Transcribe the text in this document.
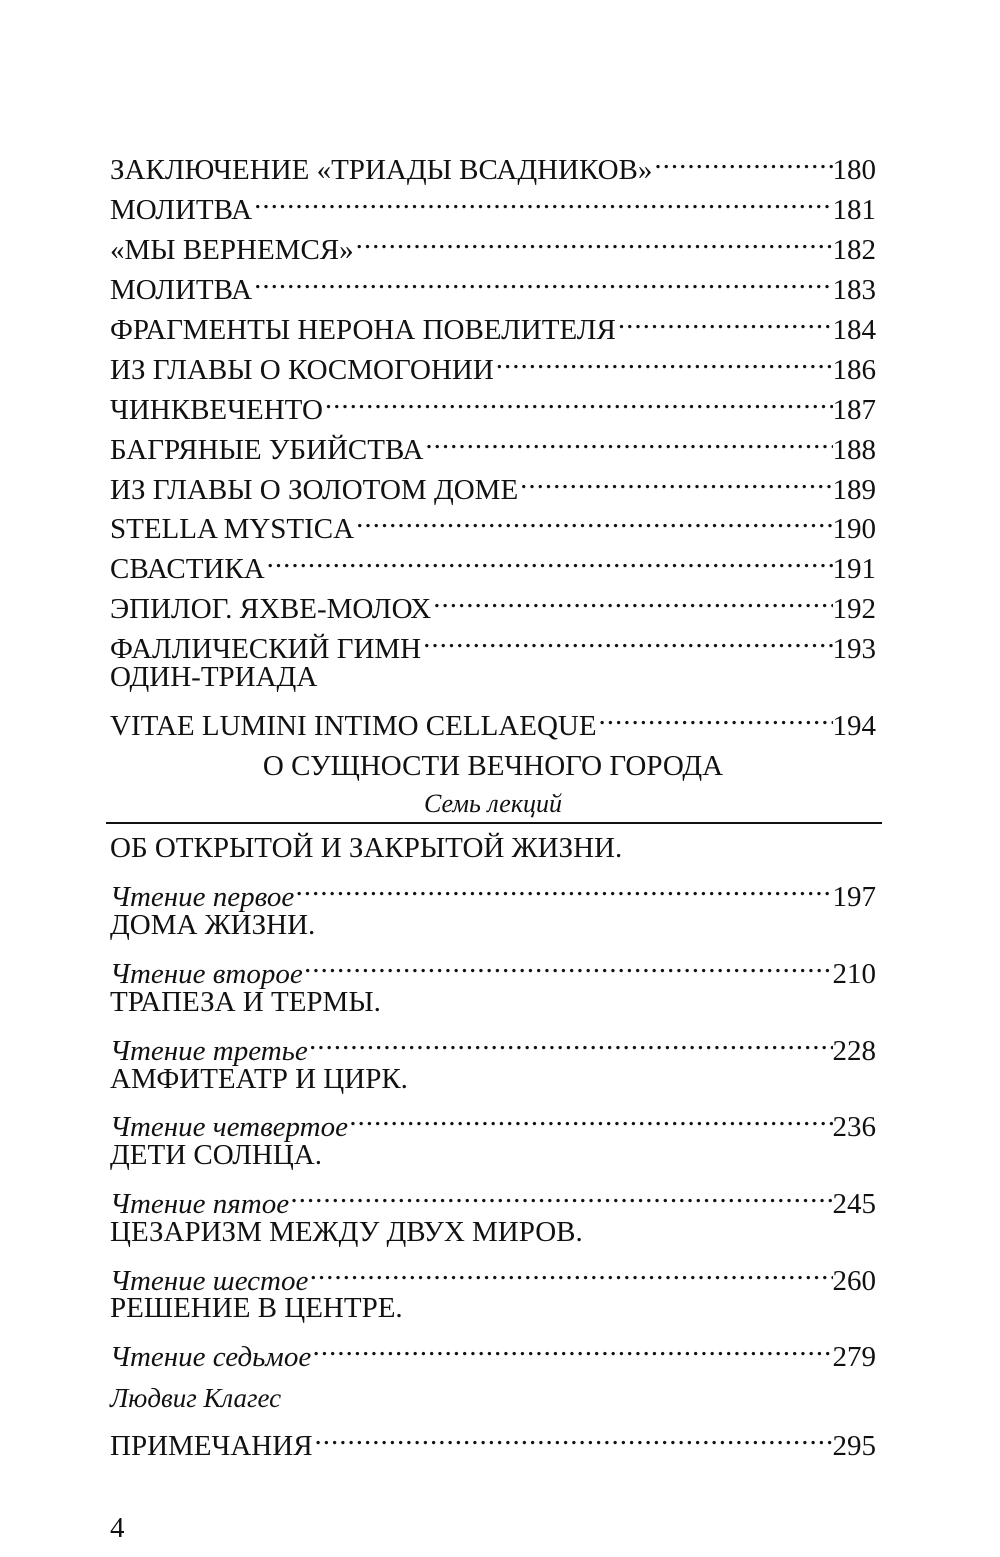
ЗАКЛЮЧЕНИЕ «ТРИАДЫ ВСАДНИКОВ» .....	180
МОЛИТВА .....	181
«МЫ ВЕРНЕМСЯ» .....	182
МОЛИТВА .....	183
ФРАГМЕНТЫ НЕРОНА ПОВЕЛИТЕЛЯ .....	184
ИЗ ГЛАВЫ О КОСМОГОНИИ .....	186
ЧИНКВЕЧЕНТО .....	187
БАГРЯНЫЕ УБИЙСТВА .....	188
ИЗ ГЛАВЫ О ЗОЛОТОМ ДОМЕ .....	189
STELLA MYSTICA .....	190
СВАСТИКА .....	191
ЭПИЛОГ. ЯХВЕ-МОЛОХ .....	192
ФАЛЛИЧЕСКИЙ ГИМН .....	193
ОДИН-ТРИАДА
VITAE LUMINI INTIMO CELLAEQUE .....	194
О СУЩНОСТИ ВЕЧНОГО ГОРОДА
Семь лекций
ОБ ОТКРЫТОЙ И ЗАКРЫТОЙ ЖИЗНИ.
Чтение первое .....	197
ДОМА ЖИЗНИ.
Чтение второе .....	210
ТРАПЕЗА И ТЕРМЫ.
Чтение третье .....	228
АМФИТЕАТР И ЦИРК.
Чтение четвертое .....	236
ДЕТИ СОЛНЦА.
Чтение пятое .....	245
ЦЕЗАРИЗМ МЕЖДУ ДВУХ МИРОВ.
Чтение шестое .....	260
РЕШЕНИЕ В ЦЕНТРЕ.
Чтение седьмое .....	279
Людвиг Клагес
ПРИМЕЧАНИЯ .....	295
4
